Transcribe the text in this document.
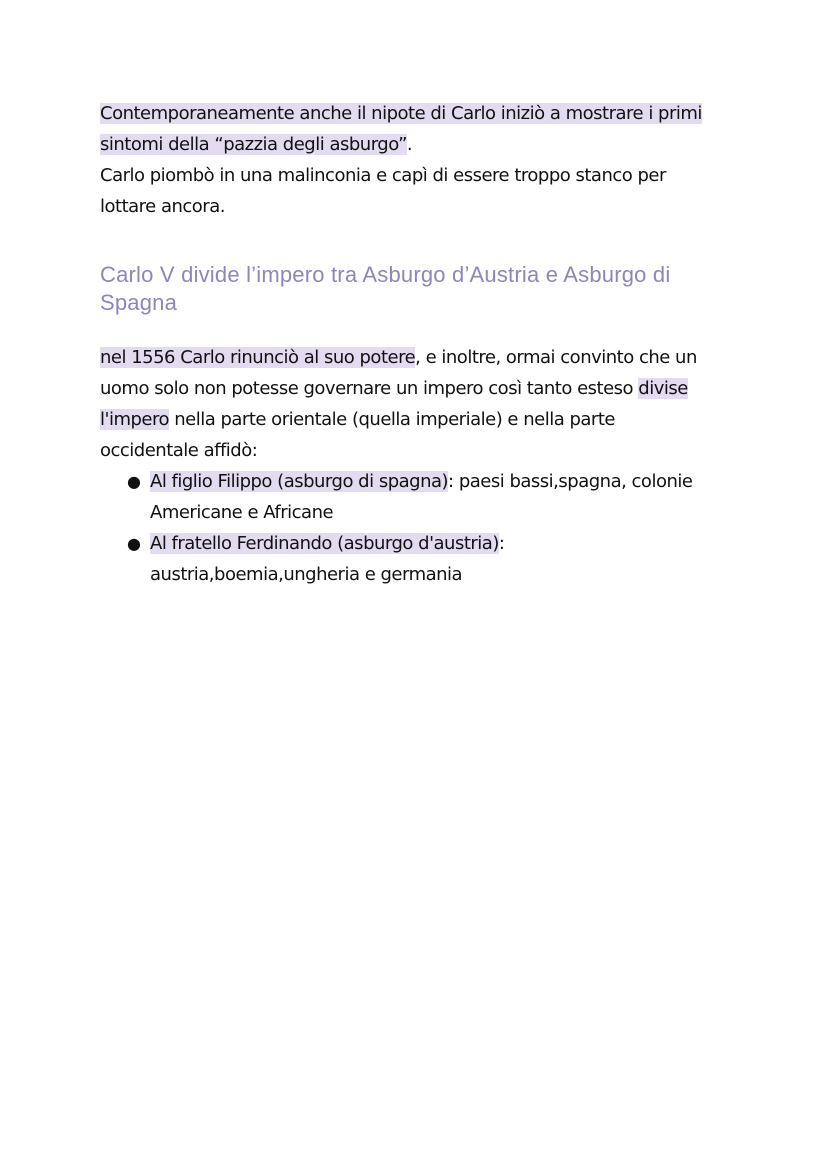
Contemporaneamente anche il nipote di Carlo iniziò a mostrare i primi
sintomi della “pazzia degli asburgo”.
Carlo piombò in una malinconia e capì di essere troppo stanco per
lottare ancora.

Carlo V divide l’impero tra Asburgo d’Austria e Asburgo di
Spagna

nel 1556 Carlo rinunciò al suo potere, e inoltre, ormai convinto che un
uomo solo non potesse governare un impero così tanto esteso divise
l'impero nella parte orientale (quella imperiale) e nella parte
occidentale affidò:

● Al figlio Filippo (asburgo di spagna): paesi bassi,spagna, colonie
Americane e Africane
● Al fratello Ferdinando (asburgo d'austria):
austria,boemia,ungheria e germania
